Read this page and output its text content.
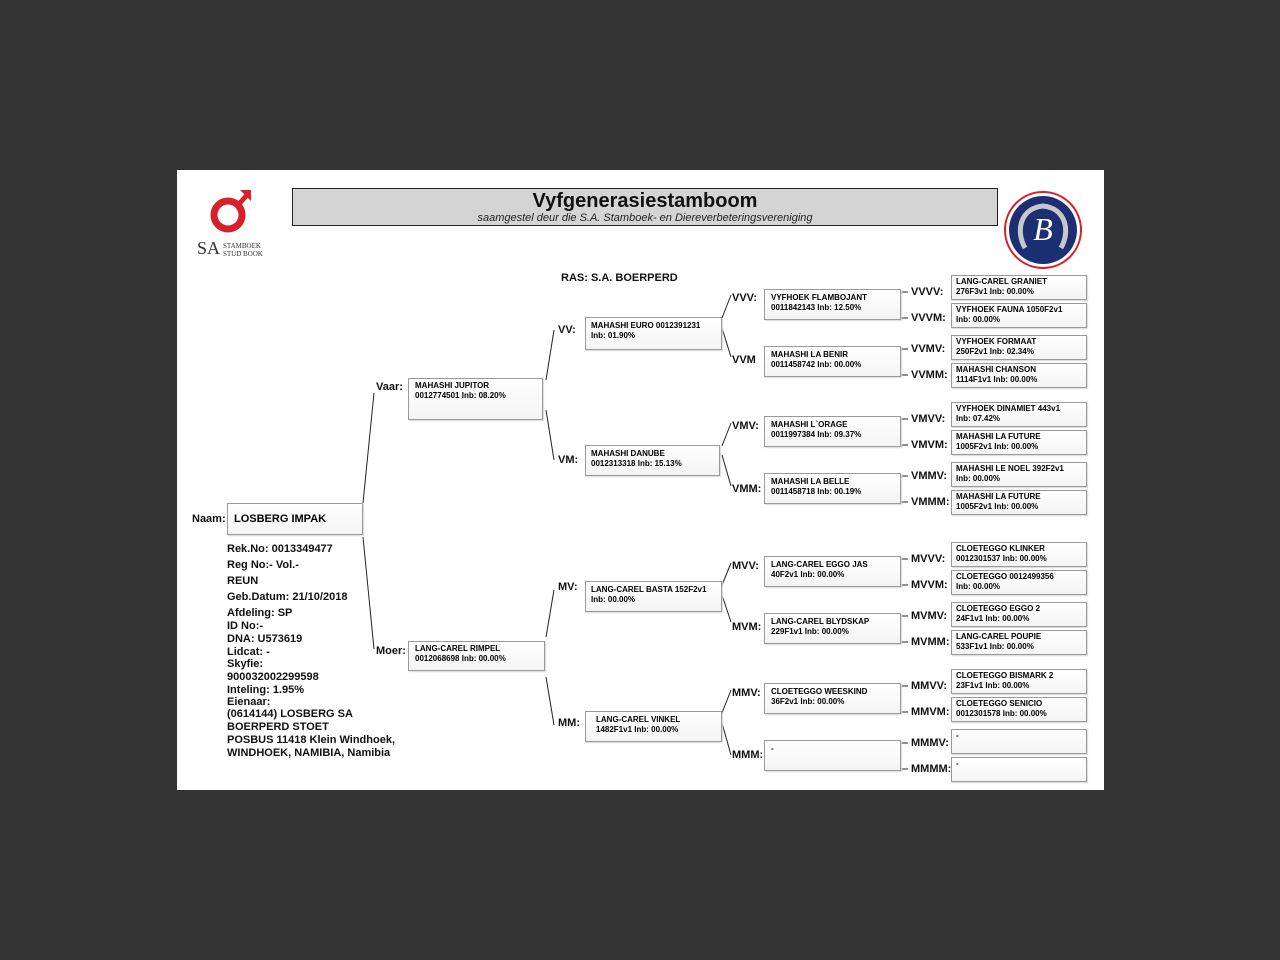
SA STAMBOEK
STUD BOOK
Vyfgenerasiestamboom
saamgestel deur die S.A. Stamboek- en Diereverbeteringsvereniging	B
RAS: S.A. BOERPERD
Naam: LOSBERG IMPAK
Rek.No: 0013349477
Reg No:- Vol.-
REUN
Geb.Datum: 21/10/2018
Afdeling: SP
ID No:-
DNA: U573619
Lidcat: -
Skyfie:
900032002299598
Inteling: 1.95%
Eienaar:
(0614144) LOSBERG SA
BOERPERD STOET
POSBUS 11418 Klein Windhoek,
WINDHOEK, NAMIBIA, Namibia
Vaar: MAHASHI JUPITOR
0012774501 Inb: 08.20%
Moer: LANG-CAREL RIMPEL
0012068698 Inb: 00.00%
VV: MAHASHI EURO 0012391231
Inb: 01.90%
VM:
MAHASHI DANUBE
0012313318 Inb: 15.13%
MV: LANG-CAREL BASTA 152F2v1
Inb: 00.00%
MM: LANG-CAREL VINKEL
1482F1v1 Inb: 00.00%
VVV: VYFHOEK FLAMBOJANT
0011842143 Inb: 12.50%
VVM MAHASHI LA BENIR
0011458742 Inb: 00.00%
VMV: MAHASHI L`ORAGE
0011997384 Inb: 09.37%
VMM:
MAHASHI LA BELLE
0011458718 Inb: 00.19%
MVV: LANG-CAREL EGGO JAS
40F2v1 Inb: 00.00%
MVM: LANG-CAREL BLYDSKAP
229F1v1 Inb: 00.00%
MMV: CLOETEGGO WEESKIND
36F2v1 Inb: 00.00%
MMM:
-
VVVV:
LANG-CAREL GRANIET
276F3v1 Inb: 00.00%
VVVM:
VYFHOEK FAUNA 1050F2v1
Inb: 00.00%
VVMV:
VYFHOEK FORMAAT
250F2v1 Inb: 02.34%
VVMM: MAHASHI CHANSON
1114F1v1 Inb: 00.00%
VMVV:
VYFHOEK DINAMIET 443v1
Inb: 07.42%
VMVM:
MAHASHI LA FUTURE
1005F2v1 Inb: 00.00%
VMMV:
MAHASHI LE NOEL 392F2v1
Inb: 00.00%
VMMM: MAHASHI LA FUTURE
1005F2v1 Inb: 00.00%
MVVV:
CLOETEGGO KLINKER
0012301537 Inb: 00.00%
MVVM:
CLOETEGGO 0012499356
Inb: 00.00%
MVMV:
CLOETEGGO EGGO 2
24F1v1 Inb: 00.00%
MVMM: LANG-CAREL POUPIE
533F1v1 Inb: 00.00%
MMVV:
CLOETEGGO BISMARK 2
23F1v1 Inb: 00.00%
MMVM:
CLOETEGGO SENICIO
0012301578 Inb: 00.00%
MMMV:
-
MMMM: -
